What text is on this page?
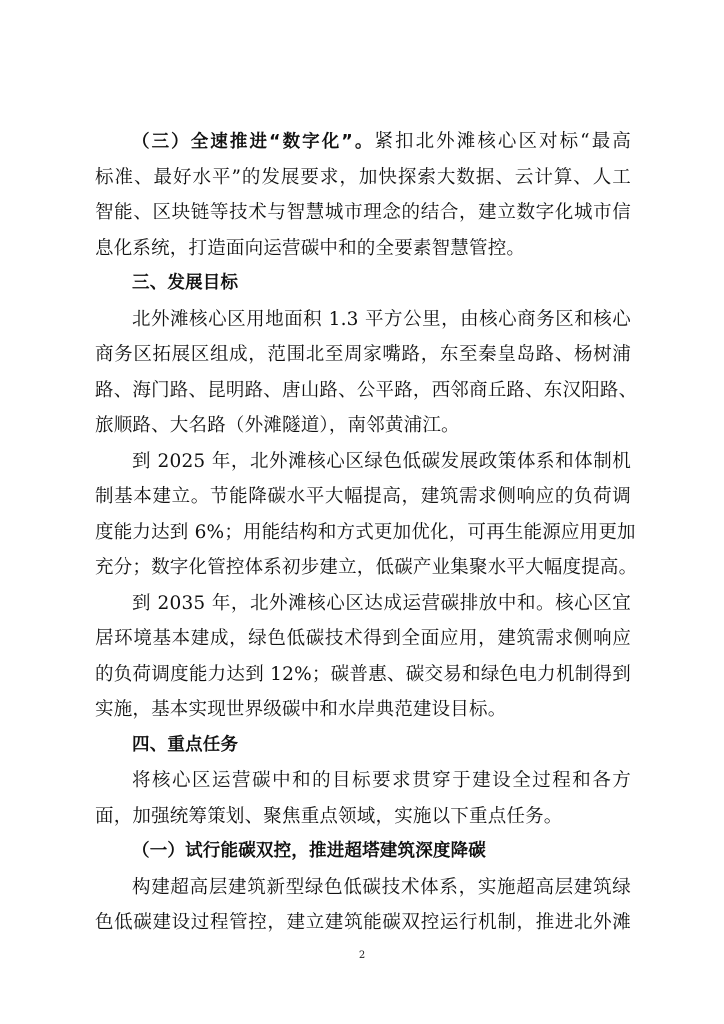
（三）全速推进“数字化”。紧扣北外滩核心区对标“最高
标准、最好水平”的发展要求，加快探索大数据、云计算、人工
智能、区块链等技术与智慧城市理念的结合，建立数字化城市信
息化系统，打造面向运营碳中和的全要素智慧管控。
三、发展目标
北外滩核心区用地面积 1.3 平方公里，由核心商务区和核心
商务区拓展区组成，范围北至周家嘴路，东至秦皇岛路、杨树浦
路、海门路、昆明路、唐山路、公平路，西邻商丘路、东汉阳路、
旅顺路、大名路（外滩隧道），南邻黄浦江。
到 2025 年，北外滩核心区绿色低碳发展政策体系和体制机
制基本建立。节能降碳水平大幅提高，建筑需求侧响应的负荷调
度能力达到 6%；用能结构和方式更加优化，可再生能源应用更加
充分；数字化管控体系初步建立，低碳产业集聚水平大幅度提高。
到 2035 年，北外滩核心区达成运营碳排放中和。核心区宜
居环境基本建成，绿色低碳技术得到全面应用，建筑需求侧响应
的负荷调度能力达到 12%；碳普惠、碳交易和绿色电力机制得到
实施，基本实现世界级碳中和水岸典范建设目标。
四、重点任务
将核心区运营碳中和的目标要求贯穿于建设全过程和各方
面，加强统筹策划、聚焦重点领域，实施以下重点任务。
（一）试行能碳双控，推进超塔建筑深度降碳
构建超高层建筑新型绿色低碳技术体系，实施超高层建筑绿
色低碳建设过程管控，建立建筑能碳双控运行机制，推进北外滩
2
